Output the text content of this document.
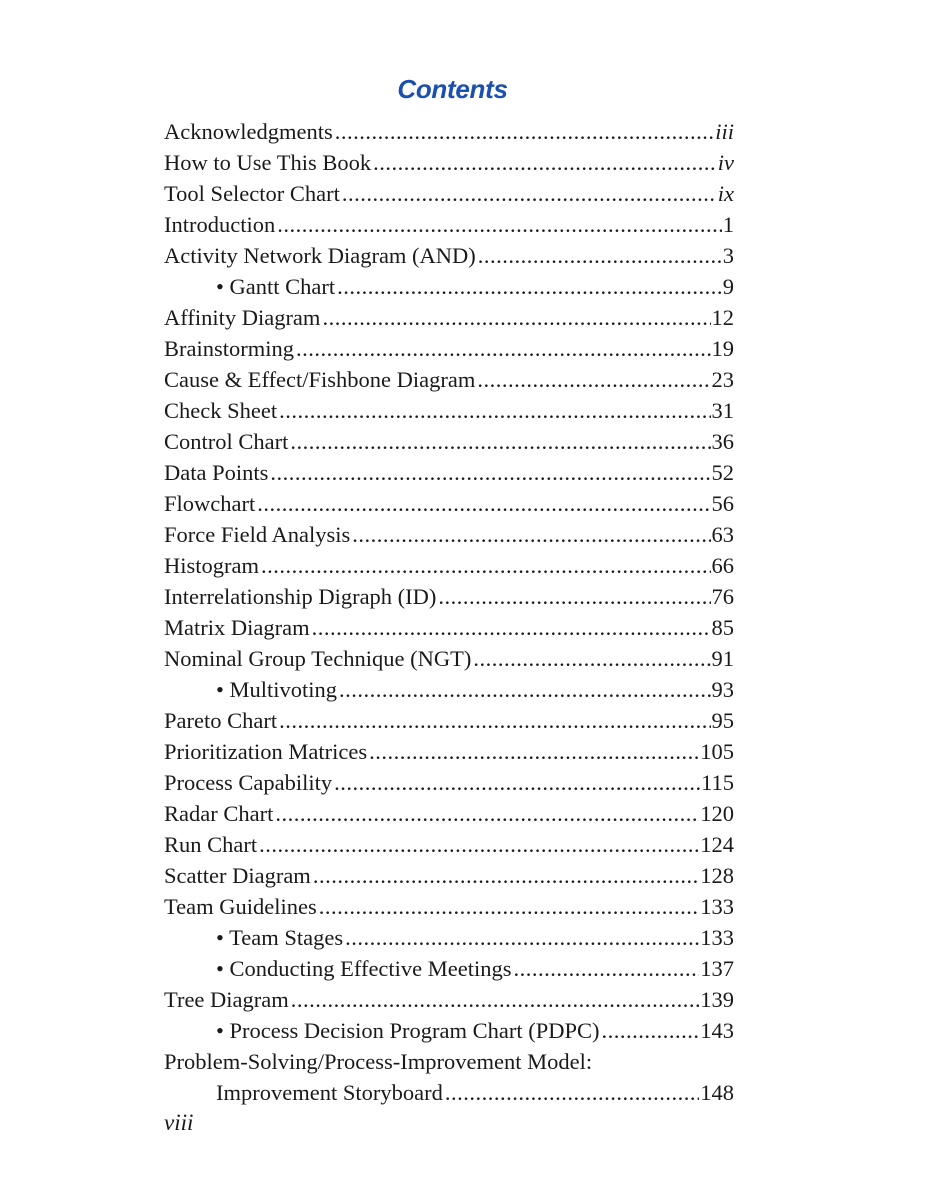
Contents
Acknowledgments .....	iii
How to Use This Book .....	iv
Tool Selector Chart .....	ix
Introduction .....	1
Activity Network Diagram (AND) .....	3
• Gantt Chart .....	9
Affinity Diagram .....	12
Brainstorming .....	19
Cause & Effect/Fishbone Diagram .....	23
Check Sheet .....	31
Control Chart .....	36
Data Points .....	52
Flowchart .....	56
Force Field Analysis .....	63
Histogram .....	66
Interrelationship Digraph (ID) .....	76
Matrix Diagram .....	85
Nominal Group Technique (NGT) .....	91
• Multivoting .....	93
Pareto Chart .....	95
Prioritization Matrices .....	105
Process Capability .....	115
Radar Chart .....	120
Run Chart .....	124
Scatter Diagram .....	128
Team Guidelines .....	133
• Team Stages .....	133
• Conducting Effective Meetings .....	137
Tree Diagram .....	139
• Process Decision Program Chart (PDPC) .....	143
Problem-Solving/Process-Improvement Model:
Improvement Storyboard .....	148
viii
